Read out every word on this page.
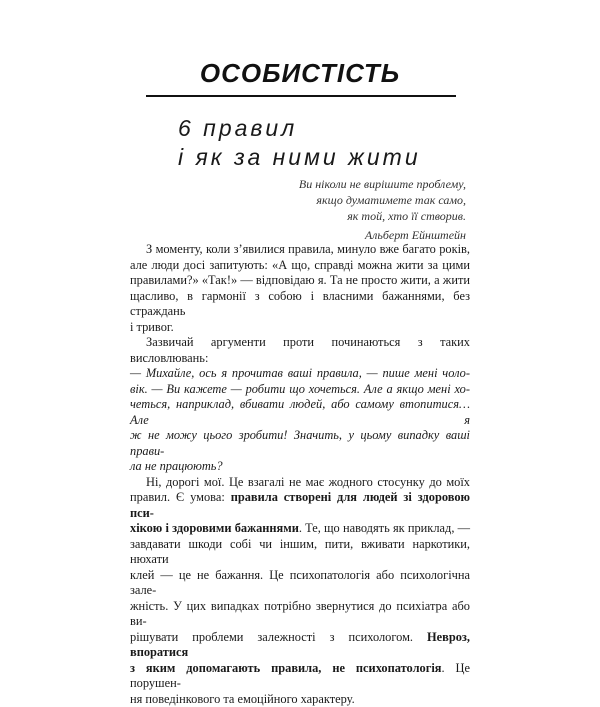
ОСОБИСТІСТЬ
6 правил
і як за ними жити
Ви ніколи не вирішите проблему,
якщо думатимете так само,
як той, хто її створив.
Альберт Ейнштейн
З моменту, коли з’явилися правила, минуло вже багато років,
але люди досі запитують: «А що, справді можна жити за цими
правилами?» «Так!» — відповідаю я. Та не просто жити, а жити
щасливо, в гармонії з собою і власними бажаннями, без страждань
і тривог.
Зазвичай аргументи проти починаються з таких висловлювань:
— Михайле, ось я прочитав ваші правила, — пише мені чоло-
вік. — Ви кажете — робити що хочеться. Але а якщо мені хо-
четься, наприклад, вбивати людей, або самому втопитися… Але я
ж не можу цього зробити! Значить, у цьому випадку ваші прави-
ла не працюють?
Ні, дорогі мої. Це взагалі не має жодного стосунку до моїх
правил. Є умова: правила створені для людей зі здоровою пси-
хікою і здоровими бажаннями. Те, що наводять як приклад, —
завдавати шкоди собі чи іншим, пити, вживати наркотики, нюхати
клей — це не бажання. Це психопатологія або психологічна зале-
жність. У цих випадках потрібно звернутися до психіатра або ви-
рішувати проблеми залежності з психологом. Невроз, впоратися
з яким допомагають правила, не психопатологія. Це порушен-
ня поведінкового та емоційного характеру.
